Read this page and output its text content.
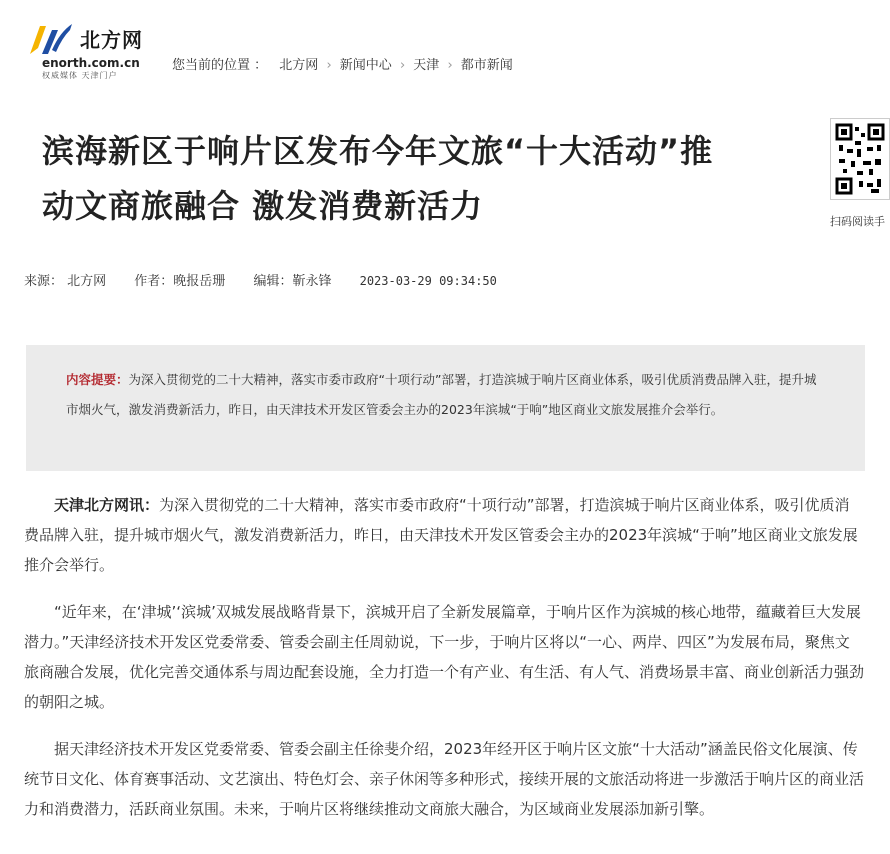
北方网
enorth.com.cn
权威媒体 天津门户
您当前的位置 ： 北方网 › 新闻中心 › 天津 › 都市新闻
滨海新区于响片区发布今年文旅“十大活动”推
动文商旅融合 激发消费新活力	扫码阅读手
来源： 北方网 作者：晚报岳珊 编辑：靳永锋 2023-03-29 09:34:50

内容提要：为深入贯彻党的二十大精神，落实市委市政府“十项行动”部署，打造滨城于响片区商业体系，吸引优质消费品牌入驻，提升城市烟火气，激发消费新活力，昨日，由天津技术开发区管委会主办的2023年滨城“于响”地区商业文旅发展推介会举行。

天津北方网讯：为深入贯彻党的二十大精神，落实市委市政府“十项行动”部署，打造滨城于响片区商业体系，吸引优质消费品牌入驻，提升城市烟火气，激发消费新活力，昨日，由天津技术开发区管委会主办的2023年滨城“于响”地区商业文旅发展推介会举行。

“近年来，在‘津城’‘滨城’双城发展战略背景下，滨城开启了全新发展篇章，于响片区作为滨城的核心地带，蕴藏着巨大发展潜力。”天津经济技术开发区党委常委、管委会副主任周勍说，下一步，于响片区将以“一心、两岸、四区”为发展布局，聚焦文旅商融合发展，优化完善交通体系与周边配套设施，全力打造一个有产业、有生活、有人气、消费场景丰富、商业创新活力强劲的朝阳之城。

据天津经济技术开发区党委常委、管委会副主任徐斐介绍，2023年经开区于响片区文旅“十大活动”涵盖民俗文化展演、传统节日文化、体育赛事活动、文艺演出、特色灯会、亲子休闲等多种形式，接续开展的文旅活动将进一步激活于响片区的商业活力和消费潜力，活跃商业氛围。未来，于响片区将继续推动文商旅大融合，为区域商业发展添加新引擎。
